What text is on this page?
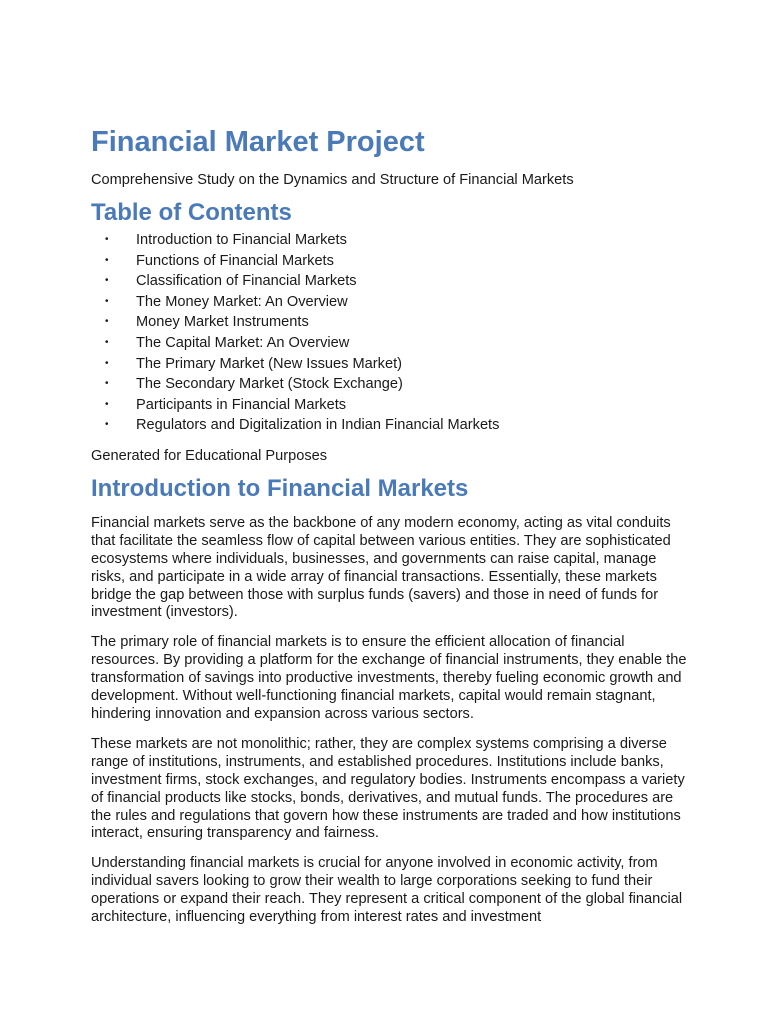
Financial Market Project

Comprehensive Study on the Dynamics and Structure of Financial Markets

Table of Contents
• Introduction to Financial Markets
• Functions of Financial Markets
• Classification of Financial Markets
• The Money Market: An Overview
• Money Market Instruments
• The Capital Market: An Overview
• The Primary Market (New Issues Market)
• The Secondary Market (Stock Exchange)
• Participants in Financial Markets
• Regulators and Digitalization in Indian Financial Markets

Generated for Educational Purposes

Introduction to Financial Markets

Financial markets serve as the backbone of any modern economy, acting as vital conduits that facilitate the seamless flow of capital between various entities. They are sophisticated ecosystems where individuals, businesses, and governments can raise capital, manage risks, and participate in a wide array of financial transactions. Essentially, these markets bridge the gap between those with surplus funds (savers) and those in need of funds for investment (investors).

The primary role of financial markets is to ensure the efficient allocation of financial resources. By providing a platform for the exchange of financial instruments, they enable the transformation of savings into productive investments, thereby fueling economic growth and development. Without well-functioning financial markets, capital would remain stagnant, hindering innovation and expansion across various sectors.

These markets are not monolithic; rather, they are complex systems comprising a diverse range of institutions, instruments, and established procedures. Institutions include banks, investment firms, stock exchanges, and regulatory bodies. Instruments encompass a variety of financial products like stocks, bonds, derivatives, and mutual funds. The procedures are the rules and regulations that govern how these instruments are traded and how institutions interact, ensuring transparency and fairness.

Understanding financial markets is crucial for anyone involved in economic activity, from individual savers looking to grow their wealth to large corporations seeking to fund their operations or expand their reach. They represent a critical component of the global financial architecture, influencing everything from interest rates and investment
